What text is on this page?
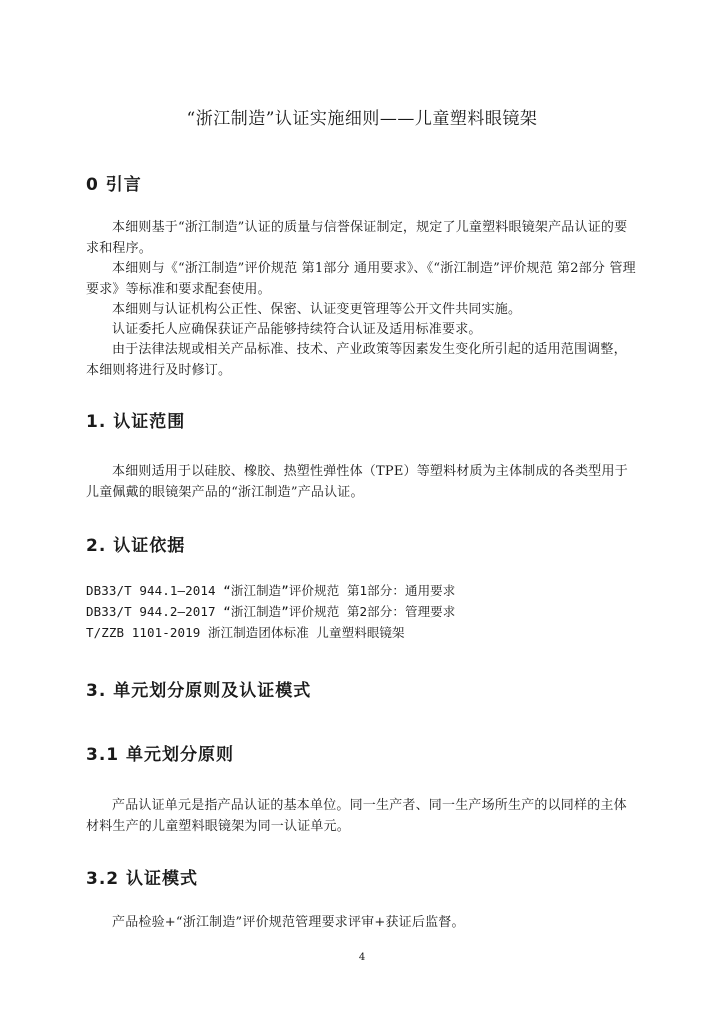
“浙江制造”认证实施细则——儿童塑料眼镜架
0 引言

本细则基于“浙江制造”认证的质量与信誉保证制定，规定了儿童塑料眼镜架产品认证的要求和程序。

本细则与《“浙江制造”评价规范 第1部分 通用要求》、《“浙江制造”评价规范 第2部分 管理要求》等标准和要求配套使用。

本细则与认证机构公正性、保密、认证变更管理等公开文件共同实施。

认证委托人应确保获证产品能够持续符合认证及适用标准要求。

由于法律法规或相关产品标准、技术、产业政策等因素发生变化所引起的适用范围调整，本细则将进行及时修订。

1. 认证范围

本细则适用于以硅胶、橡胶、热塑性弹性体（TPE）等塑料材质为主体制成的各类型用于儿童佩戴的眼镜架产品的“浙江制造”产品认证。

2. 认证依据
DB33/T 944.1—2014 “浙江制造”评价规范 第1部分：通用要求
DB33/T 944.2—2017 “浙江制造”评价规范 第2部分：管理要求
T/ZZB 1101-2019 浙江制造团体标准 儿童塑料眼镜架
3. 单元划分原则及认证模式
3.1 单元划分原则

产品认证单元是指产品认证的基本单位。同一生产者、同一生产场所生产的以同样的主体材料生产的儿童塑料眼镜架为同一认证单元。

3.2 认证模式

产品检验+“浙江制造”评价规范管理要求评审+获证后监督。

4
